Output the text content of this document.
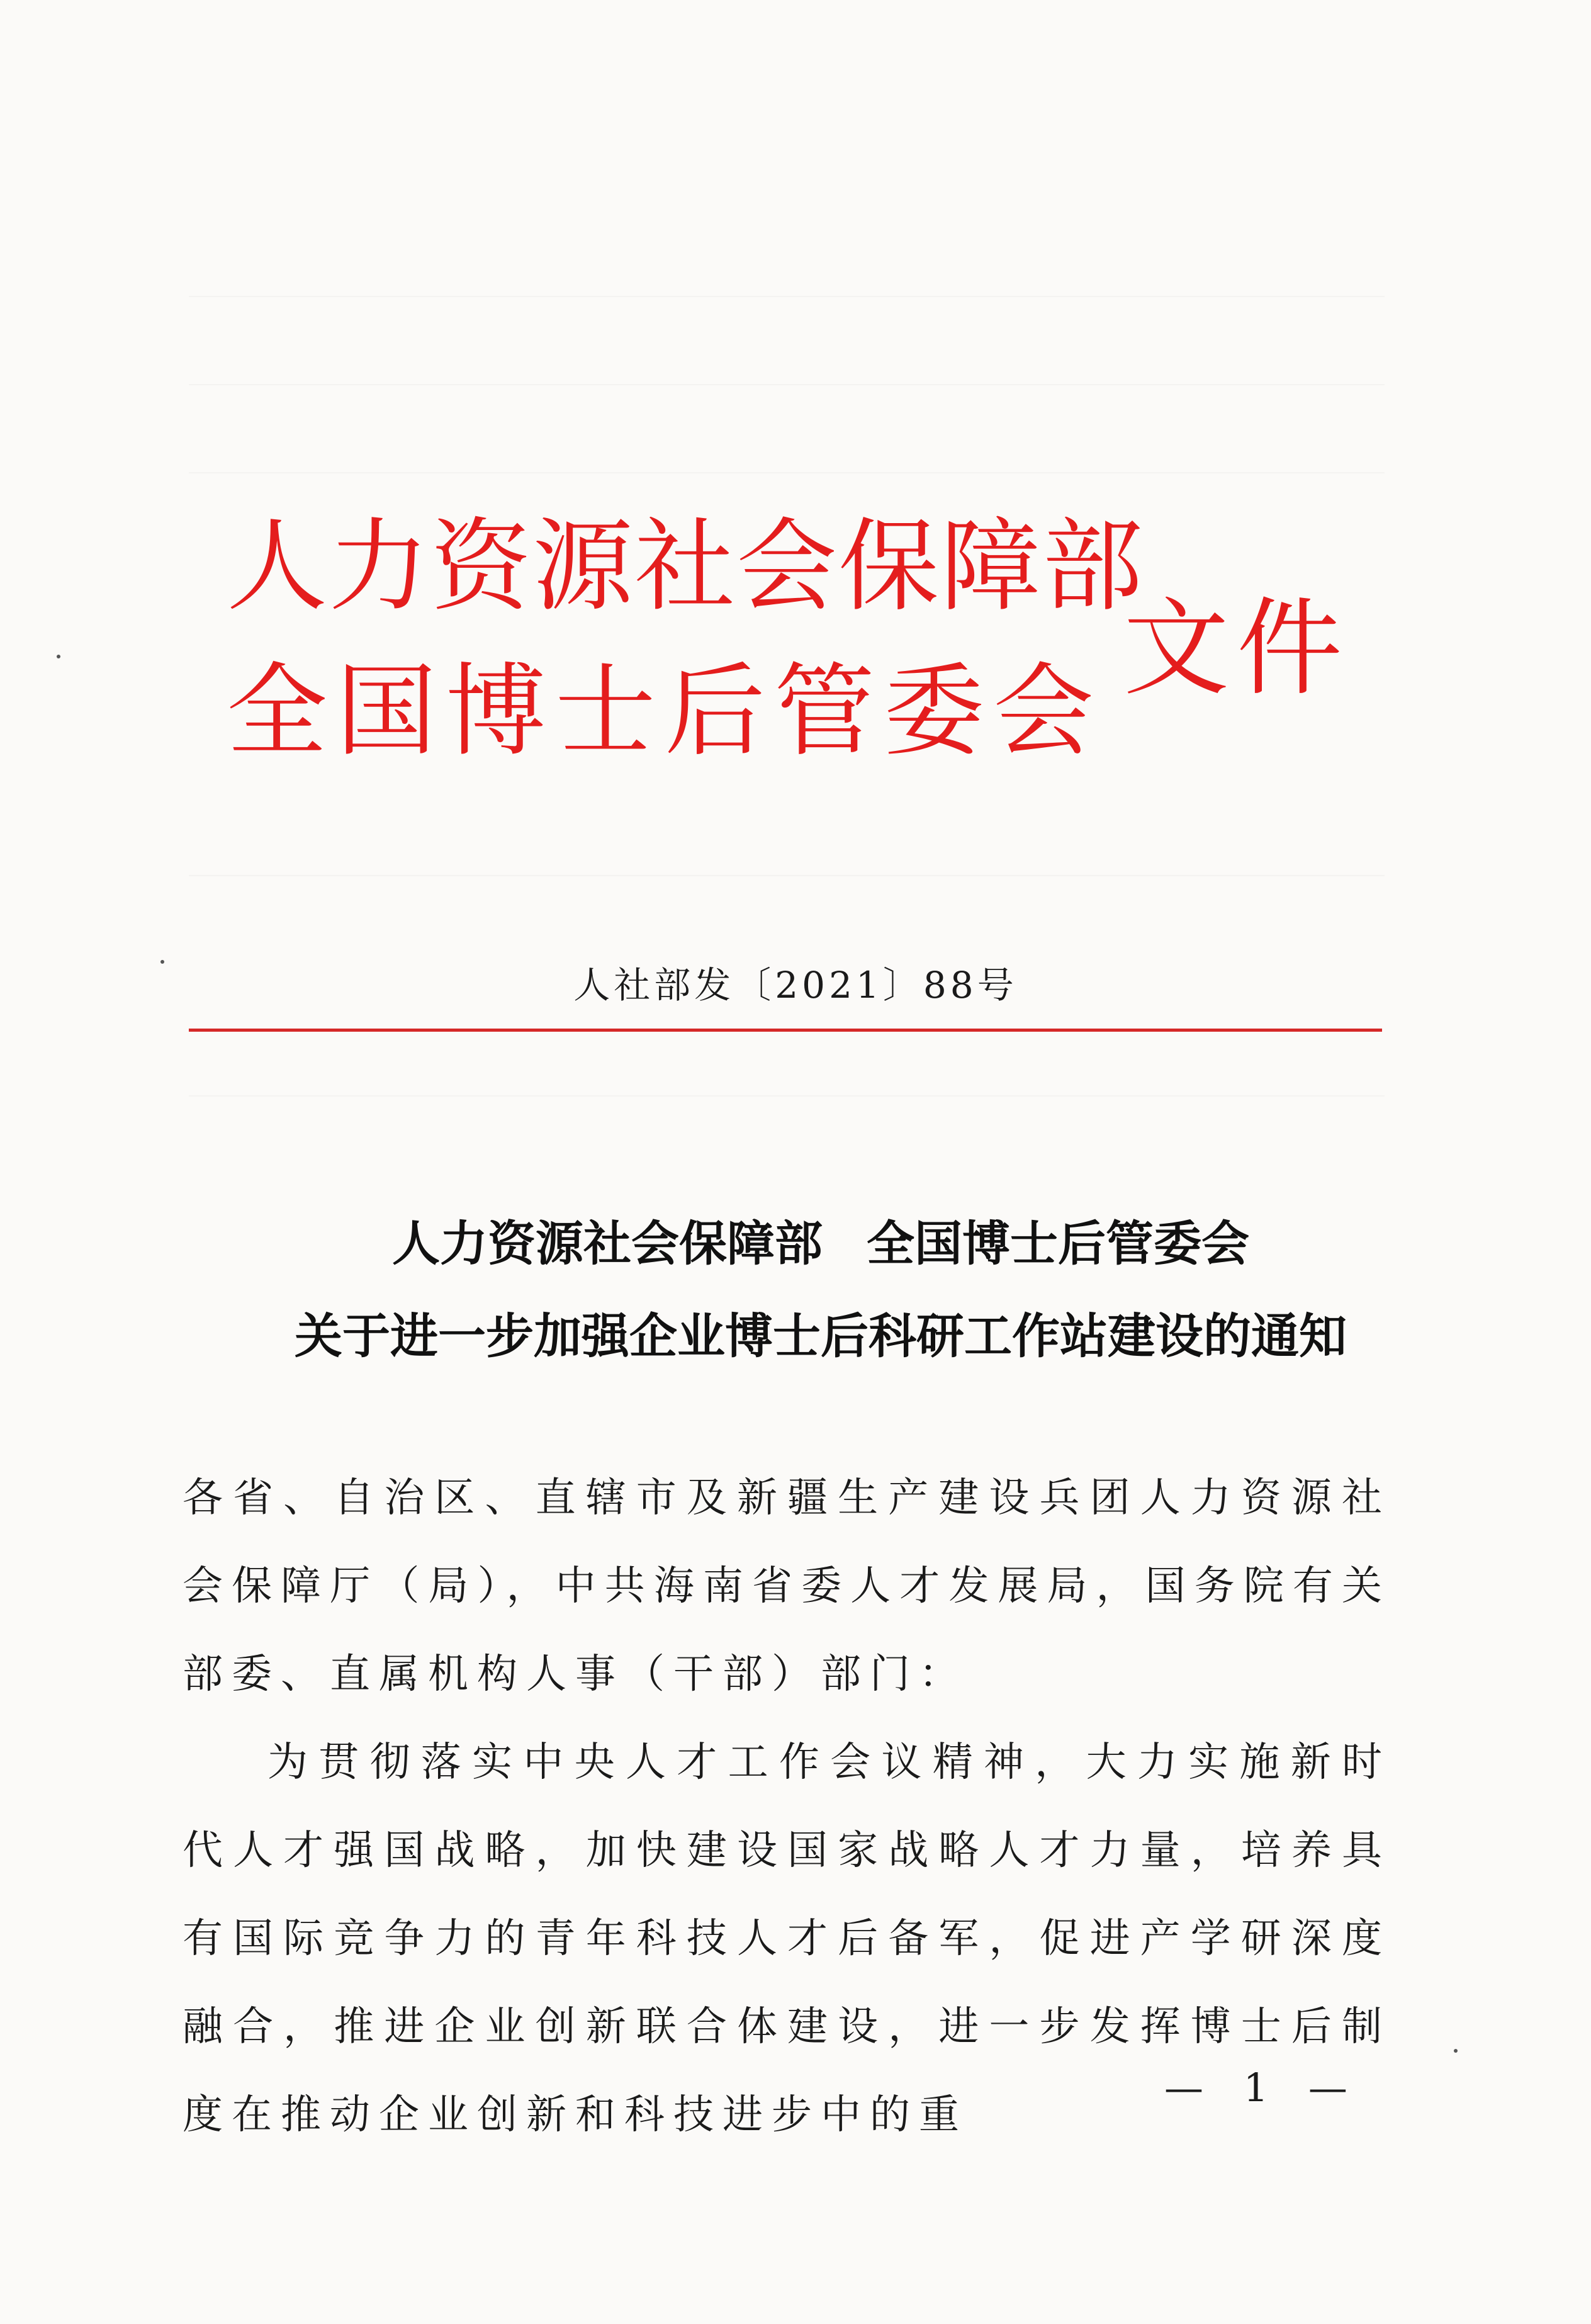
人力资源社会保障部
全国博士后管委会
文件
人社部发〔2021〕88号
人力资源社会保障部 全国博士后管委会
关于进一步加强企业博士后科研工作站建设的通知

各省、自治区、直辖市及新疆生产建设兵团人力资源社会保障厅（局），中共海南省委人才发展局，国务院有关部委、直属机构人事（干部）部门：

为贯彻落实中央人才工作会议精神，大力实施新时代人才强国战略，加快建设国家战略人才力量，培养具有国际竞争力的青年科技人才后备军，促进产学研深度融合，推进企业创新联合体建设，进一步发挥博士后制度在推动企业创新和科技进步中的重

— 1 —
